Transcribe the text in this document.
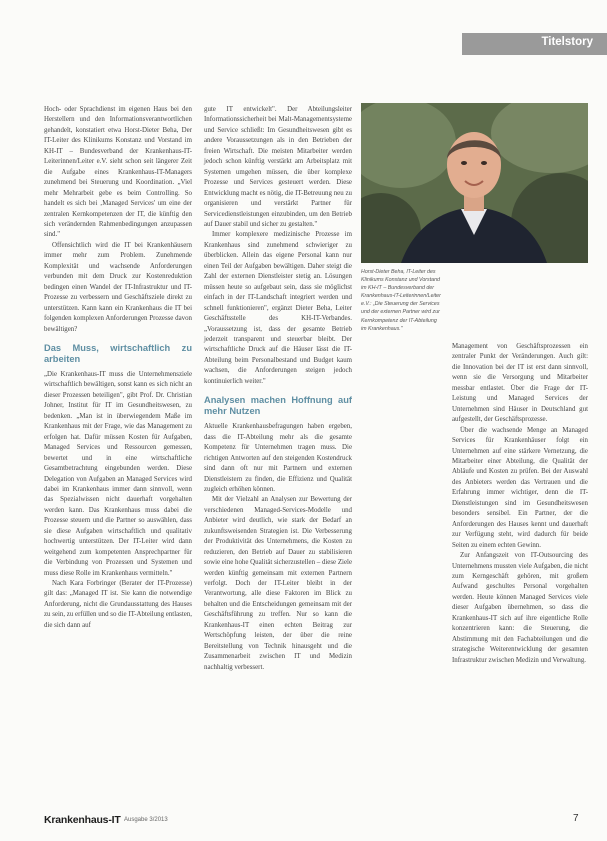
Titelstory

Hoch- oder Sprachdienst im eigenen Haus bei den Herstellern und den Informationsverantwortlichen gehandelt, konstatiert etwa Horst-Dieter Beha, Der IT-Leiter des Klinikums Konstanz und Vorstand im KH-IT – Bundesverband der Krankenhaus-IT-Leiterinnen/Leiter e.V. sieht schon seit längerer Zeit die Aufgabe eines Krankenhaus-IT-Managers zunehmend bei Steuerung und Koordination. „Viel mehr Mehrarbeit gebe es beim Controlling. So handelt es sich bei ‚Managed Services' um eine der zentralen Kernkompetenzen der IT, die künftig den sich verändernden Rahmenbedingungen anzupassen sind."

Offensichtlich wird die IT bei Krankenhäusern immer mehr zum Problem. Zunehmende Komplexität und wachsende Anforderungen verbunden mit dem Druck zur Kostenreduktion bedingen einen Wandel der IT-Infrastruktur und IT-Prozesse zu verbessern und Geschäftsziele direkt zu unterstützen. Kann kann ein Krankenhaus die IT bei folgenden komplexen Anforderungen Prozesse davon bewältigen?

Das Muss, wirtschaftlich zu arbeiten

„Die Krankenhaus-IT muss die Unternehmensziele wirtschaftlich bewältigen, sonst kann es sich nicht an dieser Prozessen beteiligen", gibt Prof. Dr. Christian Johner, Institut für IT im Gesundheitswesen, zu bedenken. „Man ist in überwiegendem Maße im Krankenhaus mit der Frage, wie das Management zu erfolgen hat. Dafür müssen Kosten für Aufgaben, Managed Services und Ressourcen gemessen, bewertet und in eine wirtschaftliche Gesamtbetrachtung eingebunden werden. Diese Delegation von Aufgaben an Managed Services wird dabei im Krankenhaus immer dann sinnvoll, wenn das Spezialwissen nicht dauerhaft vorgehalten werden kann. Das Krankenhaus muss dabei die Prozesse steuern und die Partner so auswählen, dass sie diese Aufgaben wirtschaftlich und qualitativ hochwertig unterstützen. Der IT-Leiter wird dann weitgehend zum kompetenten Ansprechpartner für die Verbindung von Prozessen und Systemen und muss diese Rolle im Krankenhaus vermitteln."

Nach Kara Forbringer (Berater der IT-Prozesse) gilt das: „Managed IT ist. Sie kann die notwendige Anforderung, nicht die Grundausstattung des Hauses zu sein, zu erfüllen und so die IT-Abteilung entlasten, die sich dann auf

gute IT entwickelt". Der Abteilungsleiter Informationssicherheit bei Malt-Managementsysteme und Service schließt: Im Gesundheitswesen gibt es andere Voraussetzungen als in den Betrieben der freien Wirtschaft. Die meisten Mitarbeiter werden jedoch schon künftig verstärkt am Arbeitsplatz mit Systemen umgehen müssen, die über komplexe Prozesse und Services gesteuert werden. Diese Entwicklung macht es nötig, die IT-Betreuung neu zu organisieren und verstärkt Partner für Servicedienstleistungen einzubinden, um den Betrieb auf Dauer stabil und sicher zu gestalten."

Immer komplexere medizinische Prozesse im Krankenhaus sind zunehmend schwieriger zu überblicken. Allein das eigene Personal kann nur einen Teil der Aufgaben bewältigen. Daher steigt die Zahl der externen Dienstleister stetig an. Lösungen müssen heute so aufgebaut sein, dass sie möglichst einfach in der IT-Landschaft integriert werden und schnell funktionieren", ergänzt Dieter Beha, Leiter Geschäftsstelle des KH-IT-Verbandes. „Voraussetzung ist, dass der gesamte Betrieb jederzeit transparent und steuerbar bleibt. Der wirtschaftliche Druck auf die Häuser lässt die IT-Abteilung beim Personalbestand und Budget kaum wachsen, die Anforderungen steigen jedoch kontinuierlich weiter."

Analysen machen Hoffnung auf mehr Nutzen

Aktuelle Krankenhausbefragungen haben ergeben, dass die IT-Abteilung mehr als die gesamte Kompetenz für Unternehmen tragen muss. Die richtigen Antworten auf den steigenden Kostendruck sind dann oft nur mit Partnern und externen Dienstleistern zu finden, die Effizienz und Qualität zugleich erhöhen können.

Mit der Vielzahl an Analysen zur Bewertung der verschiedenen Managed-Services-Modelle und Anbieter wird deutlich, wie stark der Bedarf an zukunftsweisenden Strategien ist. Die Verbesserung der Produktivität des Unternehmens, die Kosten zu reduzieren, den Betrieb auf Dauer zu stabilisieren sowie eine hohe Qualität sicherzustellen – diese Ziele werden künftig gemeinsam mit externen Partnern verfolgt. Doch der IT-Leiter bleibt in der Verantwortung, alle diese Faktoren im Blick zu behalten und die Entscheidungen gemeinsam mit der Geschäftsführung zu treffen. Nur so kann die Krankenhaus-IT einen echten Beitrag zur Wertschöpfung leisten, der über die reine Bereitstellung von Technik hinausgeht und die Zusammenarbeit zwischen IT und Medizin nachhaltig verbessert.

Horst-Dieter Beha, IT-Leiter des Klinikums Konstanz und Vorstand im KH-IT – Bundesverband der Krankenhaus-IT-Leiterinnen/Leiter e.V.: „Die Steuerung der Services und der externen Partner wird zur Kernkompetenz der IT-Abteilung im Krankenhaus."

Management von Geschäftsprozessen ein zentraler Punkt der Veränderungen. Auch gilt: die Innovation bei der IT ist erst dann sinnvoll, wenn sie die Versorgung und Mitarbeiter messbar entlastet. Über die Frage der IT-Leistung und Managed Services der Unternehmen sind Häuser in Deutschland gut aufgestellt, der Geschäftsprozesse.

Über die wachsende Menge an Managed Services für Krankenhäuser folgt ein Unternehmen auf eine stärkere Vernetzung, die Mitarbeiter einer Abteilung, die Qualität der Abläufe und Kosten zu prüfen. Bei der Auswahl des Anbieters werden das Vertrauen und die Erfahrung immer wichtiger, denn die IT-Dienstleistungen sind im Gesundheitswesen besonders sensibel. Ein Partner, der die Anforderungen des Hauses kennt und dauerhaft zur Verfügung steht, wird dadurch für beide Seiten zu einem echten Gewinn.

Zur Anfangszeit von IT-Outsourcing des Unternehmens mussten viele Aufgaben, die nicht zum Kerngeschäft gehören, mit großem Aufwand geschultes Personal vorgehalten werden. Heute können Managed Services viele dieser Aufgaben übernehmen, so dass die Krankenhaus-IT sich auf ihre eigentliche Rolle konzentrieren kann: die Steuerung, die Abstimmung mit den Fachabteilungen und die strategische Weiterentwicklung der gesamten Infrastruktur zwischen Medizin und Verwaltung.

Krankenhaus-IT Ausgabe 3/2013	7
